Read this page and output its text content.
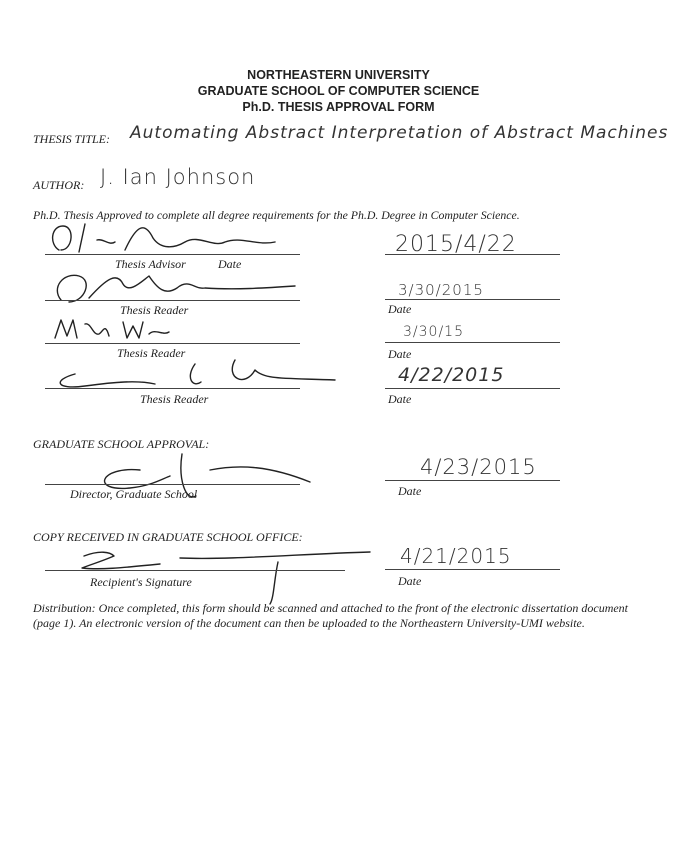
NORTHEASTERN UNIVERSITY
GRADUATE SCHOOL OF COMPUTER SCIENCE
Ph.D. THESIS APPROVAL FORM
THESIS TITLE: Automating Abstract Interpretation of Abstract Machines
AUTHOR: J. Ian Johnson
Ph.D. Thesis Approved to complete all degree requirements for the Ph.D. Degree in Computer Science.
Thesis Advisor	Date
2015/4/22
Thesis Reader
3/30/2015
Date
Thesis Reader
3/30/15
Date
Thesis Reader
4/22/2015
Date
GRADUATE SCHOOL APPROVAL:
Director, Graduate School
4/23/2015
Date
COPY RECEIVED IN GRADUATE SCHOOL OFFICE:
Recipient's Signature
4/21/2015
Date
Distribution: Once completed, this form should be scanned and attached to the front of the electronic dissertation document (page 1). An electronic version of the document can then be uploaded to the Northeastern University-UMI website.
